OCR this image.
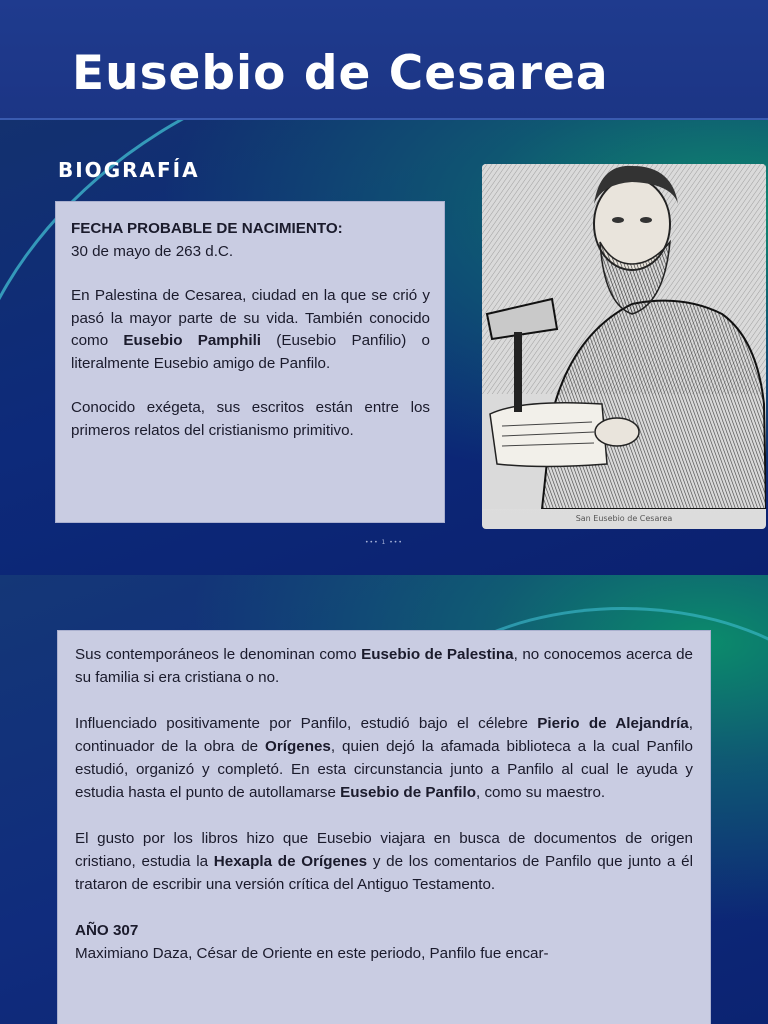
Eusebio de Cesarea
BIOGRAFÍA

FECHA PROBABLE DE NACIMIENTO:
30 de mayo de 263 d.C.

En Palestina de Cesarea, ciudad en la que se crió y pasó la mayor parte de su vida. También conocido como Eusebio Pamphili (Eusebio Panfilio) o literalmente Eusebio amigo de Panfilo.

Conocido exégeta, sus escritos están entre los primeros relatos del cristianismo primitivo.

San Eusebio de Cesarea
••• 1 •••

Sus contemporáneos le denominan como Eusebio de Palestina, no conocemos acerca de su familia si era cristiana o no.

Influenciado positivamente por Panfilo, estudió bajo el célebre Pierio de Alejandría, continuador de la obra de Orígenes, quien dejó la afamada biblioteca a la cual Panfilo estudió, organizó y completó. En esta circunstancia junto a Panfilo al cual le ayuda y estudia hasta el punto de autollamarse Eusebio de Panfilo, como su maestro.

El gusto por los libros hizo que Eusebio viajara en busca de documentos de origen cristiano, estudia la Hexapla de Orígenes y de los comentarios de Panfilo que junto a él trataron de escribir una versión crítica del Antiguo Testamento.

AÑO 307
Maximiano Daza, César de Oriente en este periodo, Panfilo fue encar-
